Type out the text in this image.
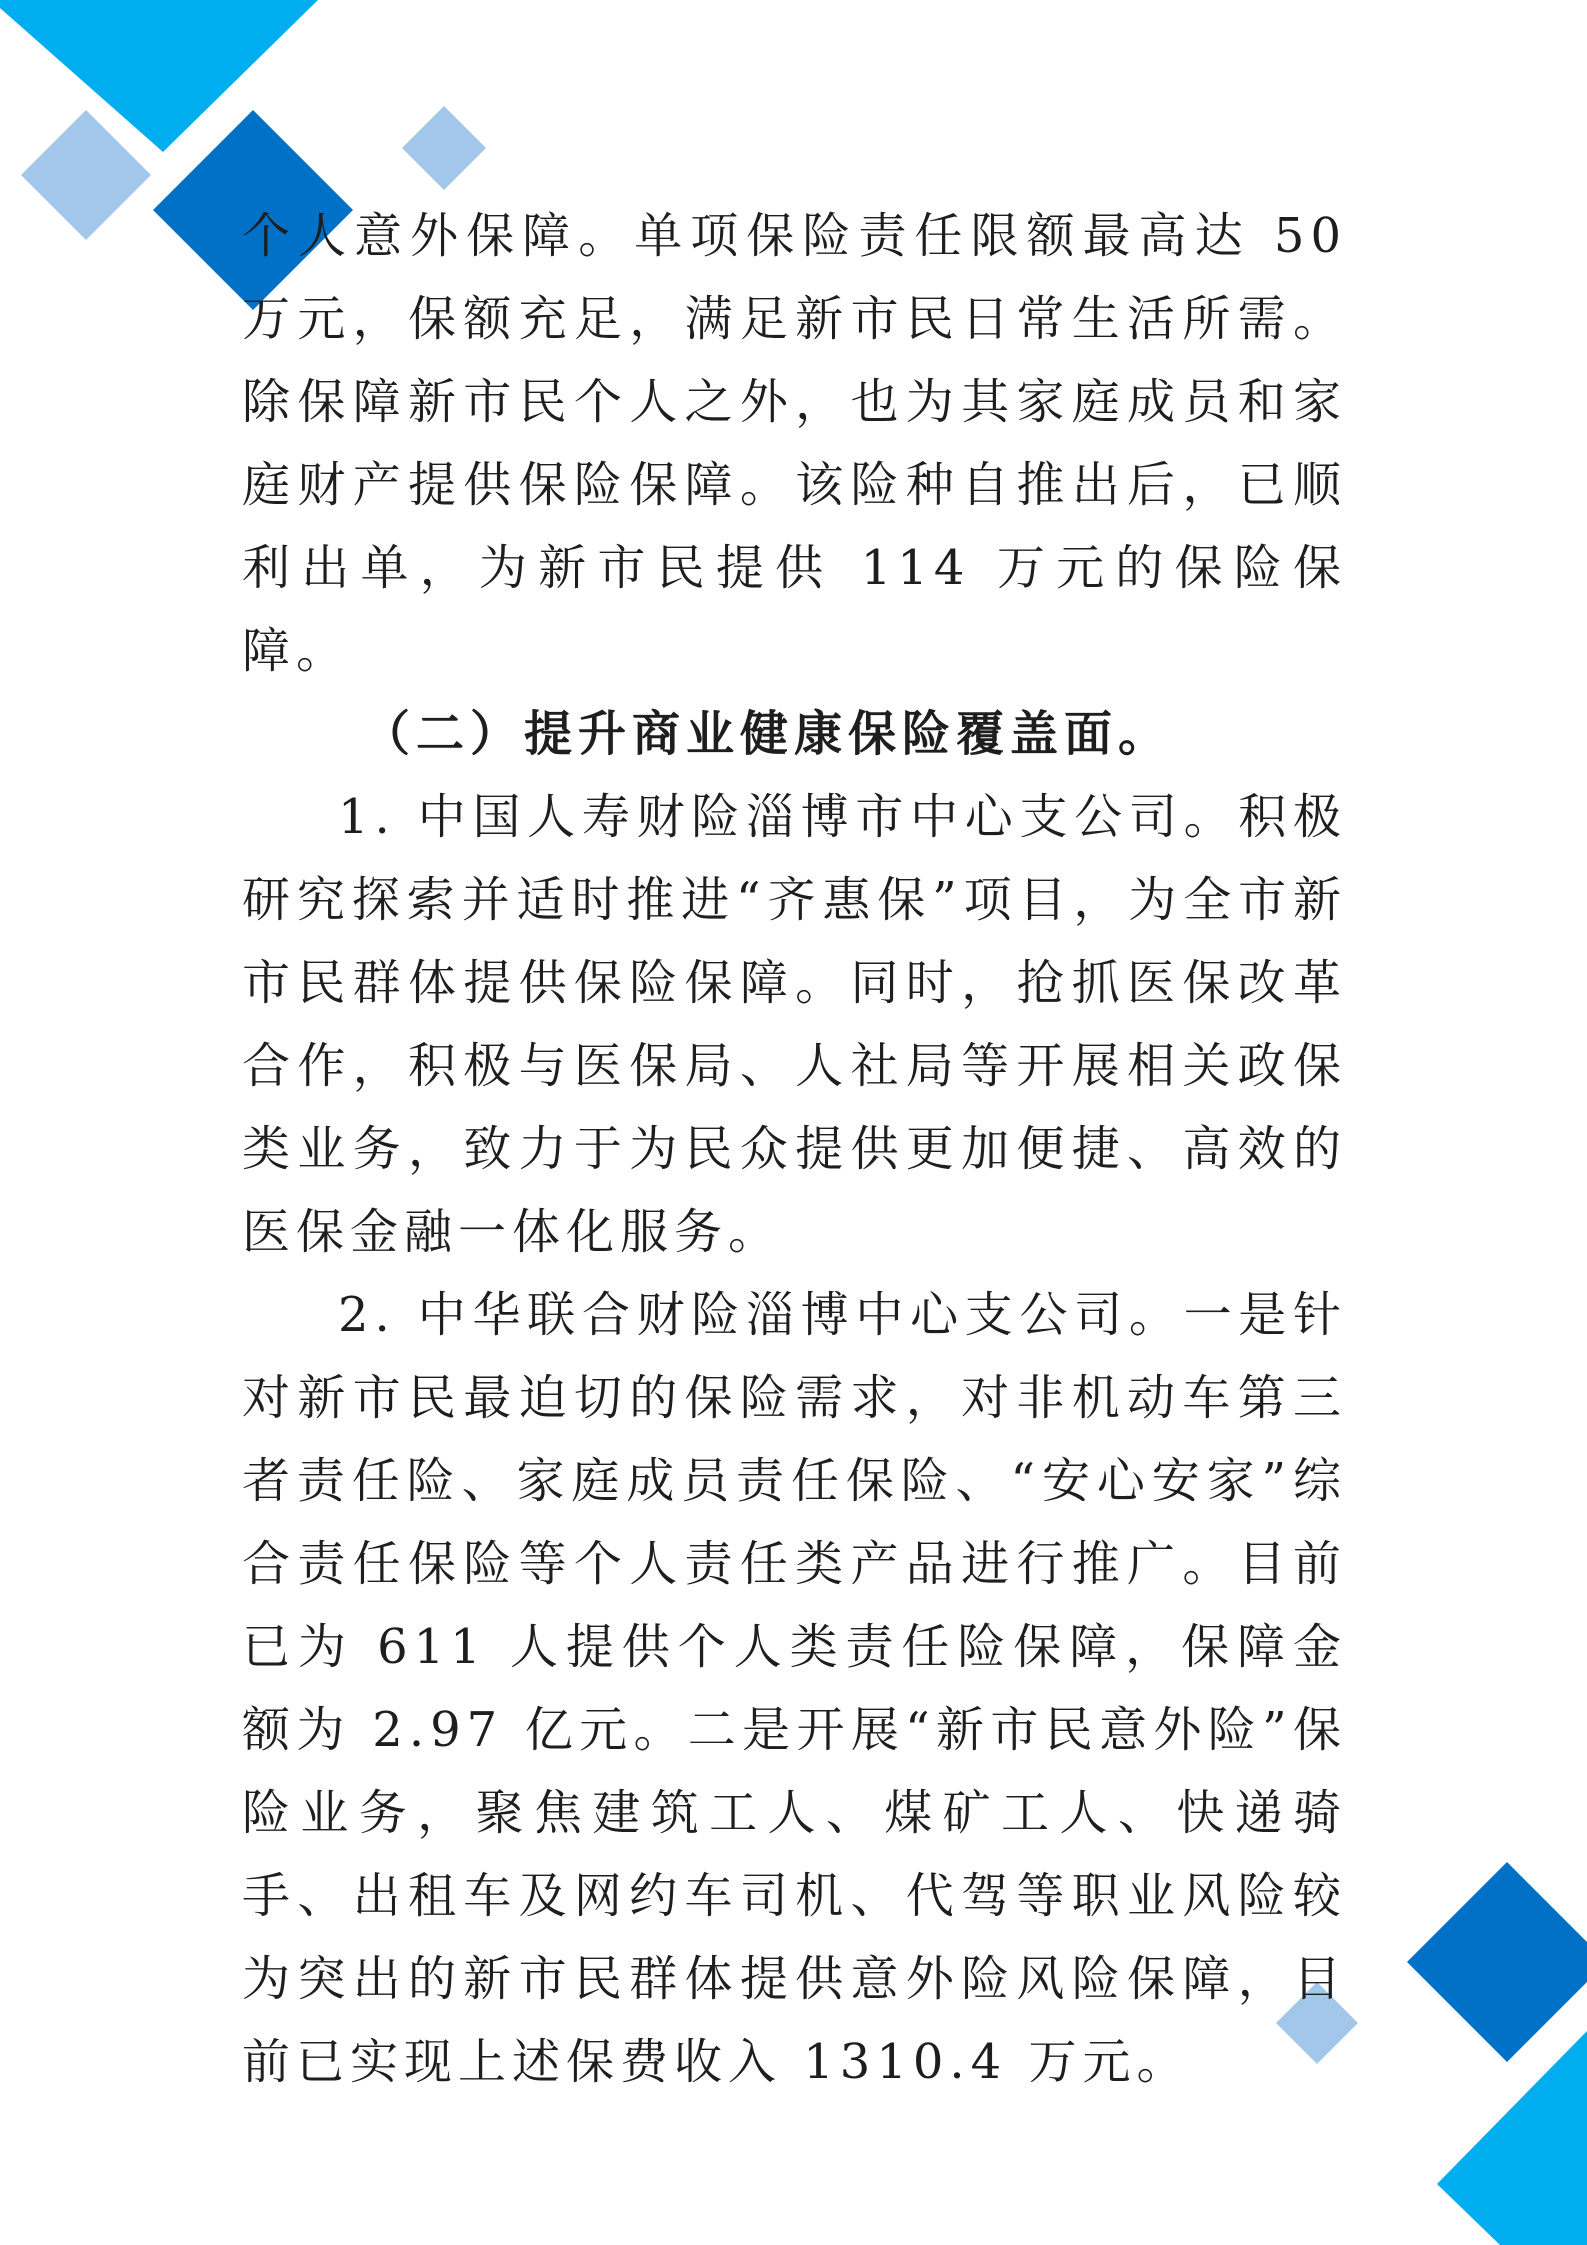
个人意外保障。单项保险责任限额最高达 50 万元，保额充足，满足新市民日常生活所需。除保障新市民个人之外，也为其家庭成员和家庭财产提供保险保障。该险种自推出后，已顺利出单，为新市民提供 114 万元的保险保障。

（二）提升商业健康保险覆盖面。

1. 中国人寿财险淄博市中心支公司。积极研究探索并适时推进“齐惠保”项目，为全市新市民群体提供保险保障。同时，抢抓医保改革合作，积极与医保局、人社局等开展相关政保类业务，致力于为民众提供更加便捷、高效的医保金融一体化服务。

2. 中华联合财险淄博中心支公司。一是针对新市民最迫切的保险需求，对非机动车第三者责任险、家庭成员责任保险、“安心安家”综合责任保险等个人责任类产品进行推广。目前已为 611 人提供个人类责任险保障，保障金额为 2.97 亿元。二是开展“新市民意外险”保险业务，聚焦建筑工人、煤矿工人、快递骑手、出租车及网约车司机、代驾等职业风险较为突出的新市民群体提供意外险风险保障，目前已实现上述保费收入 1310.4 万元。
